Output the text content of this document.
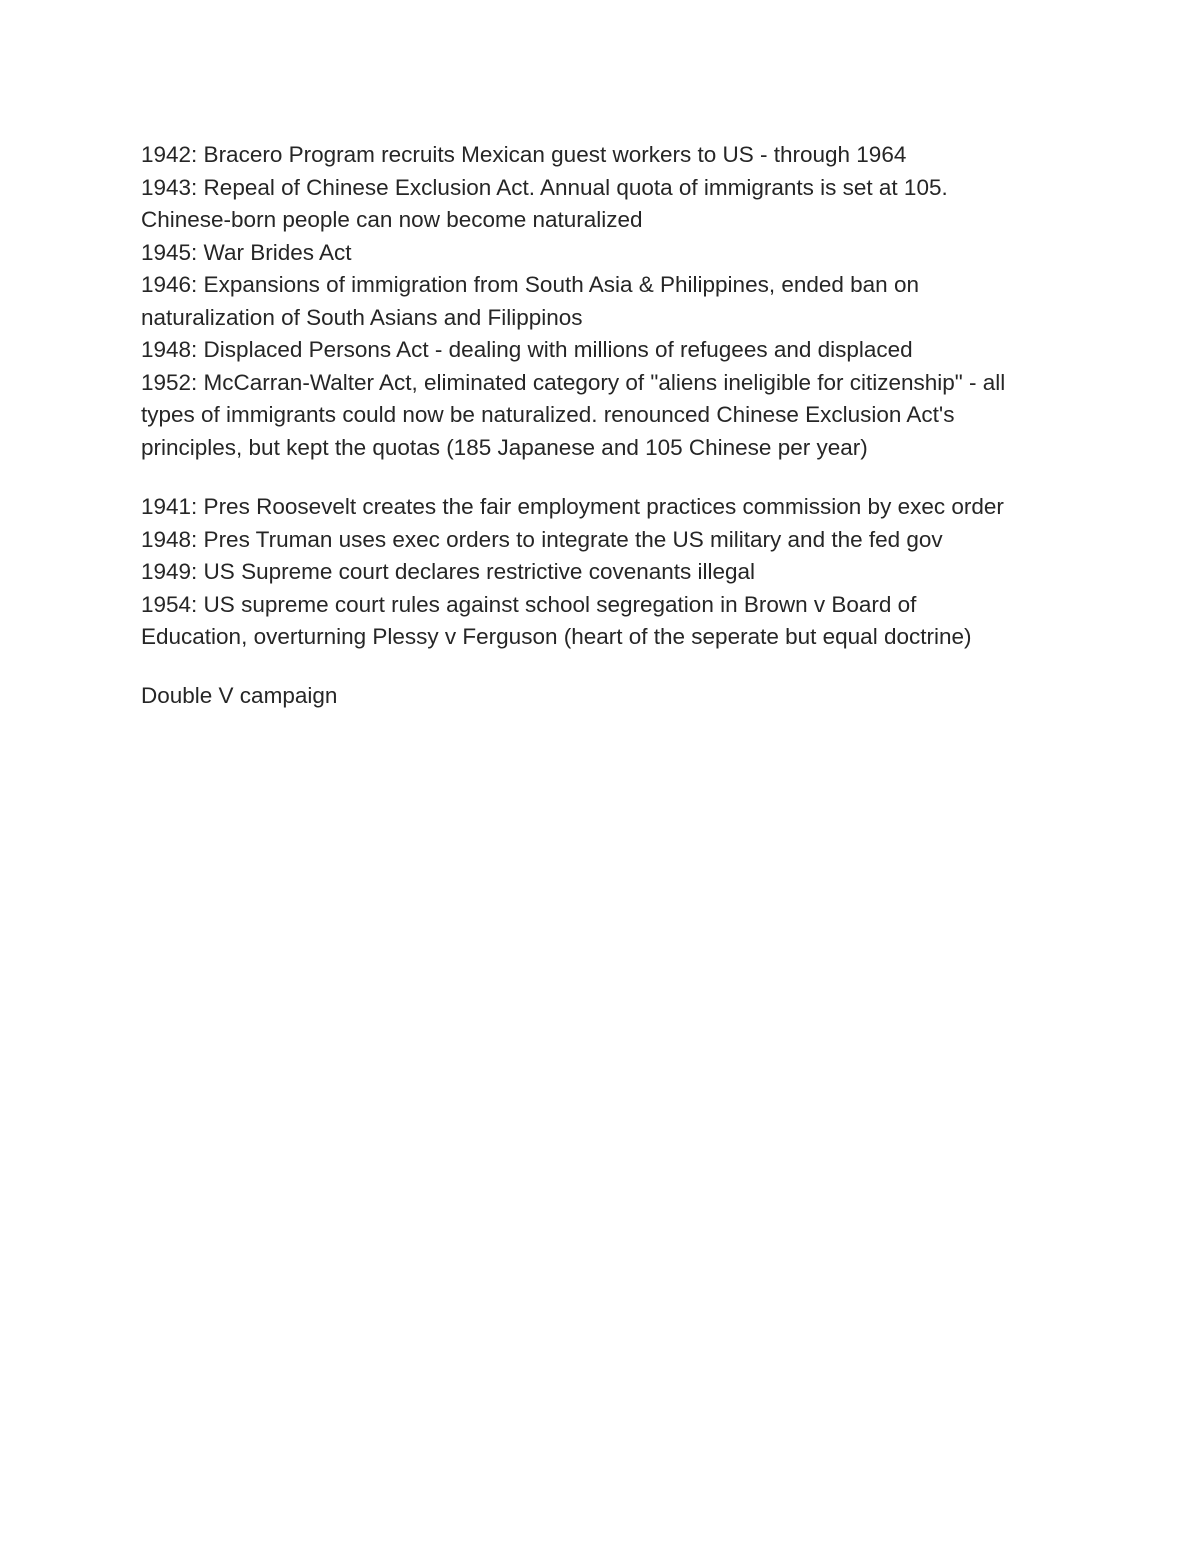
1942: Bracero Program recruits Mexican guest workers to US - through 1964
1943: Repeal of Chinese Exclusion Act. Annual quota of immigrants is set at 105.
Chinese-born people can now become naturalized
1945: War Brides Act
1946: Expansions of immigration from South Asia & Philippines, ended ban on
naturalization of South Asians and Filippinos
1948: Displaced Persons Act - dealing with millions of refugees and displaced
1952: McCarran-Walter Act, eliminated category of "aliens ineligible for citizenship" - all
types of immigrants could now be naturalized. renounced Chinese Exclusion Act's
principles, but kept the quotas (185 Japanese and 105 Chinese per year)

1941: Pres Roosevelt creates the fair employment practices commission by exec order
1948: Pres Truman uses exec orders to integrate the US military and the fed gov
1949: US Supreme court declares restrictive covenants illegal
1954: US supreme court rules against school segregation in Brown v Board of
Education, overturning Plessy v Ferguson (heart of the seperate but equal doctrine)

Double V campaign
